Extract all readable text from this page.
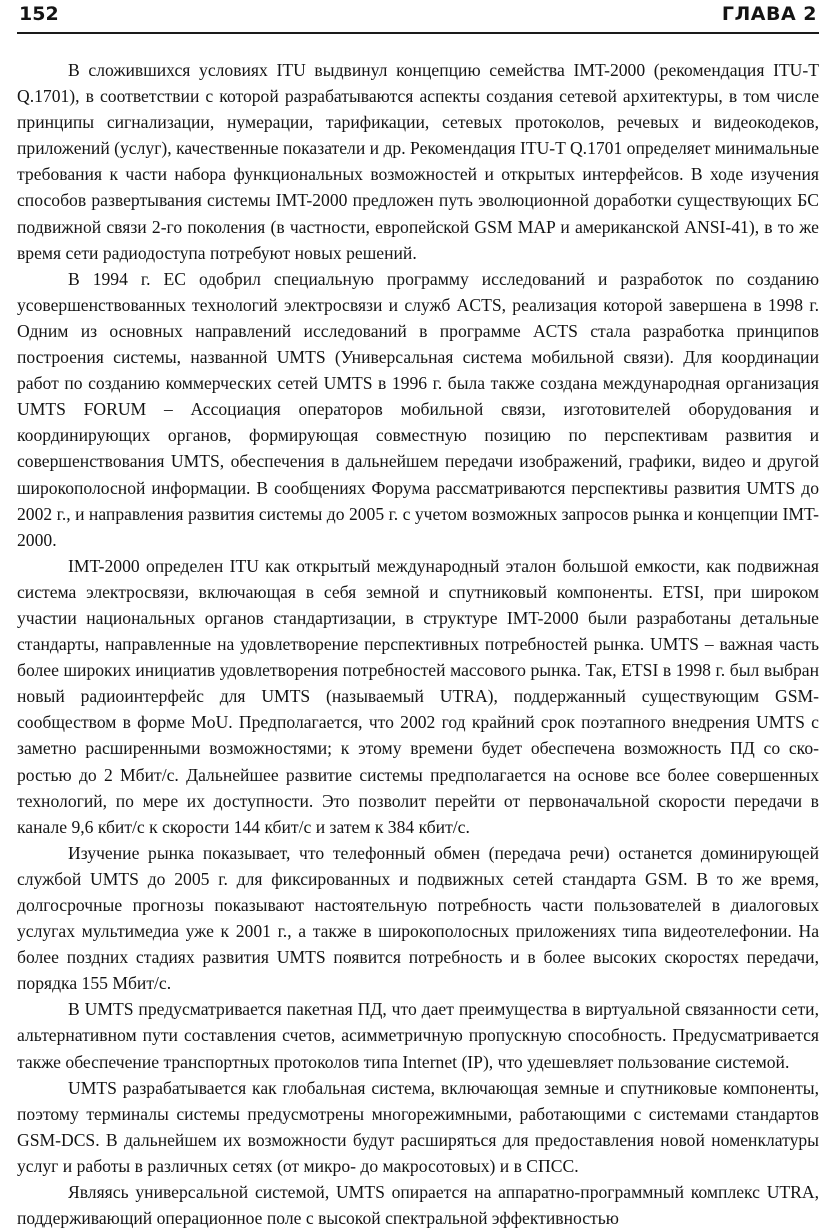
152	ГЛАВА 2

В сложившихся условиях ITU выдвинул концепцию семейства IMT-2000 (рекомендация ITU-T Q.1701), в соответствии с которой разрабатываются аспекты создания сетевой архитектуры, в том числе принципы сигнализации, нумерации, тарификации, сетевых протоколов, речевых и видеокодеков, приложений (услуг), качественные показатели и др. Рекомендация ITU-T Q.1701 определяет минимальные требования к части набора функциональных возможностей и открытых интерфейсов. В ходе изучения способов развертывания системы IMT-2000 предложен путь эволюционной доработки существующих БС подвижной связи 2-го поколения (в частности, европейской GSM MAP и американской ANSI-41), в то же время сети радиодоступа потребуют новых решений.

В 1994 г. ЕС одобрил специальную программу исследований и разработок по созданию усовершенствованных технологий электросвязи и служб ACTS, реализация которой завершена в 1998 г. Одним из основных направлений исследований в программе ACTS стала разработка принципов построения системы, названной UMTS (Универсальная система мобильной связи). Для координации работ по созданию коммерческих сетей UMTS в 1996 г. была также создана международная организация UMTS FORUM – Ассоциация операторов мобильной связи, изготовителей оборудования и координирующих органов, формирующая совместную позицию по перспективам развития и совершенствования UMTS, обеспечения в дальнейшем передачи изображений, графики, видео и другой широкополосной информации. В сообщениях Форума рассматриваются перспективы развития UMTS до 2002 г., и направления развития системы до 2005 г. с учетом возможных запросов рынка и концепции IMT-2000.

IMT-2000 определен ITU как открытый международный эталон большой емкости, как подвижная система электросвязи, включающая в себя земной и спутниковый компоненты. ETSI, при широком участии национальных органов стандартизации, в структуре IMT-2000 были разработаны детальные стандарты, направленные на удовлетворение перспективных потребностей рынка. UMTS – важная часть более широких инициатив удовлетворения потребностей массового рынка. Так, ETSI в 1998 г. был выбран новый радиоинтерфейс для UMTS (называемый UTRA), поддержанный существующим GSM-сообществом в форме MoU. Предполагается, что 2002 год крайний срок поэтапного внедрения UMTS с заметно расширенными возможностями; к этому времени будет обеспечена возможность ПД со скоростью до 2 Мбит/с. Дальнейшее развитие системы предполагается на основе все более совершенных технологий, по мере их доступности. Это позволит перейти от первоначальной скорости передачи в канале 9,6 кбит/с к скорости 144 кбит/с и затем к 384 кбит/с.

Изучение рынка показывает, что телефонный обмен (передача речи) останется доминирующей службой UMTS до 2005 г. для фиксированных и подвижных сетей стандарта GSM. В то же время, долгосрочные прогнозы показывают настоятельную потребность части пользователей в диалоговых услугах мультимедиа уже к 2001 г., а также в широкополосных приложениях типа видеотелефонии. На более поздних стадиях развития UMTS появится потребность и в более высоких скоростях передачи, порядка 155 Мбит/с.

В UMTS предусматривается пакетная ПД, что дает преимущества в виртуальной связанности сети, альтернативном пути составления счетов, асимметричную пропускную способность. Предусматривается также обеспечение транспортных протоколов типа Internet (IP), что удешевляет пользование системой.

UMTS разрабатывается как глобальная система, включающая земные и спутниковые компоненты, поэтому терминалы системы предусмотрены многорежимными, работающими с системами стандартов GSM-DCS. В дальнейшем их возможности будут расширяться для предоставления новой номенклатуры услуг и работы в различных сетях (от микро- до макросотовых) и в СПСС.

Являясь универсальной системой, UMTS опирается на аппаратно-программный комплекс UTRA, поддерживающий операционное поле с высокой спектральной эффективностью
